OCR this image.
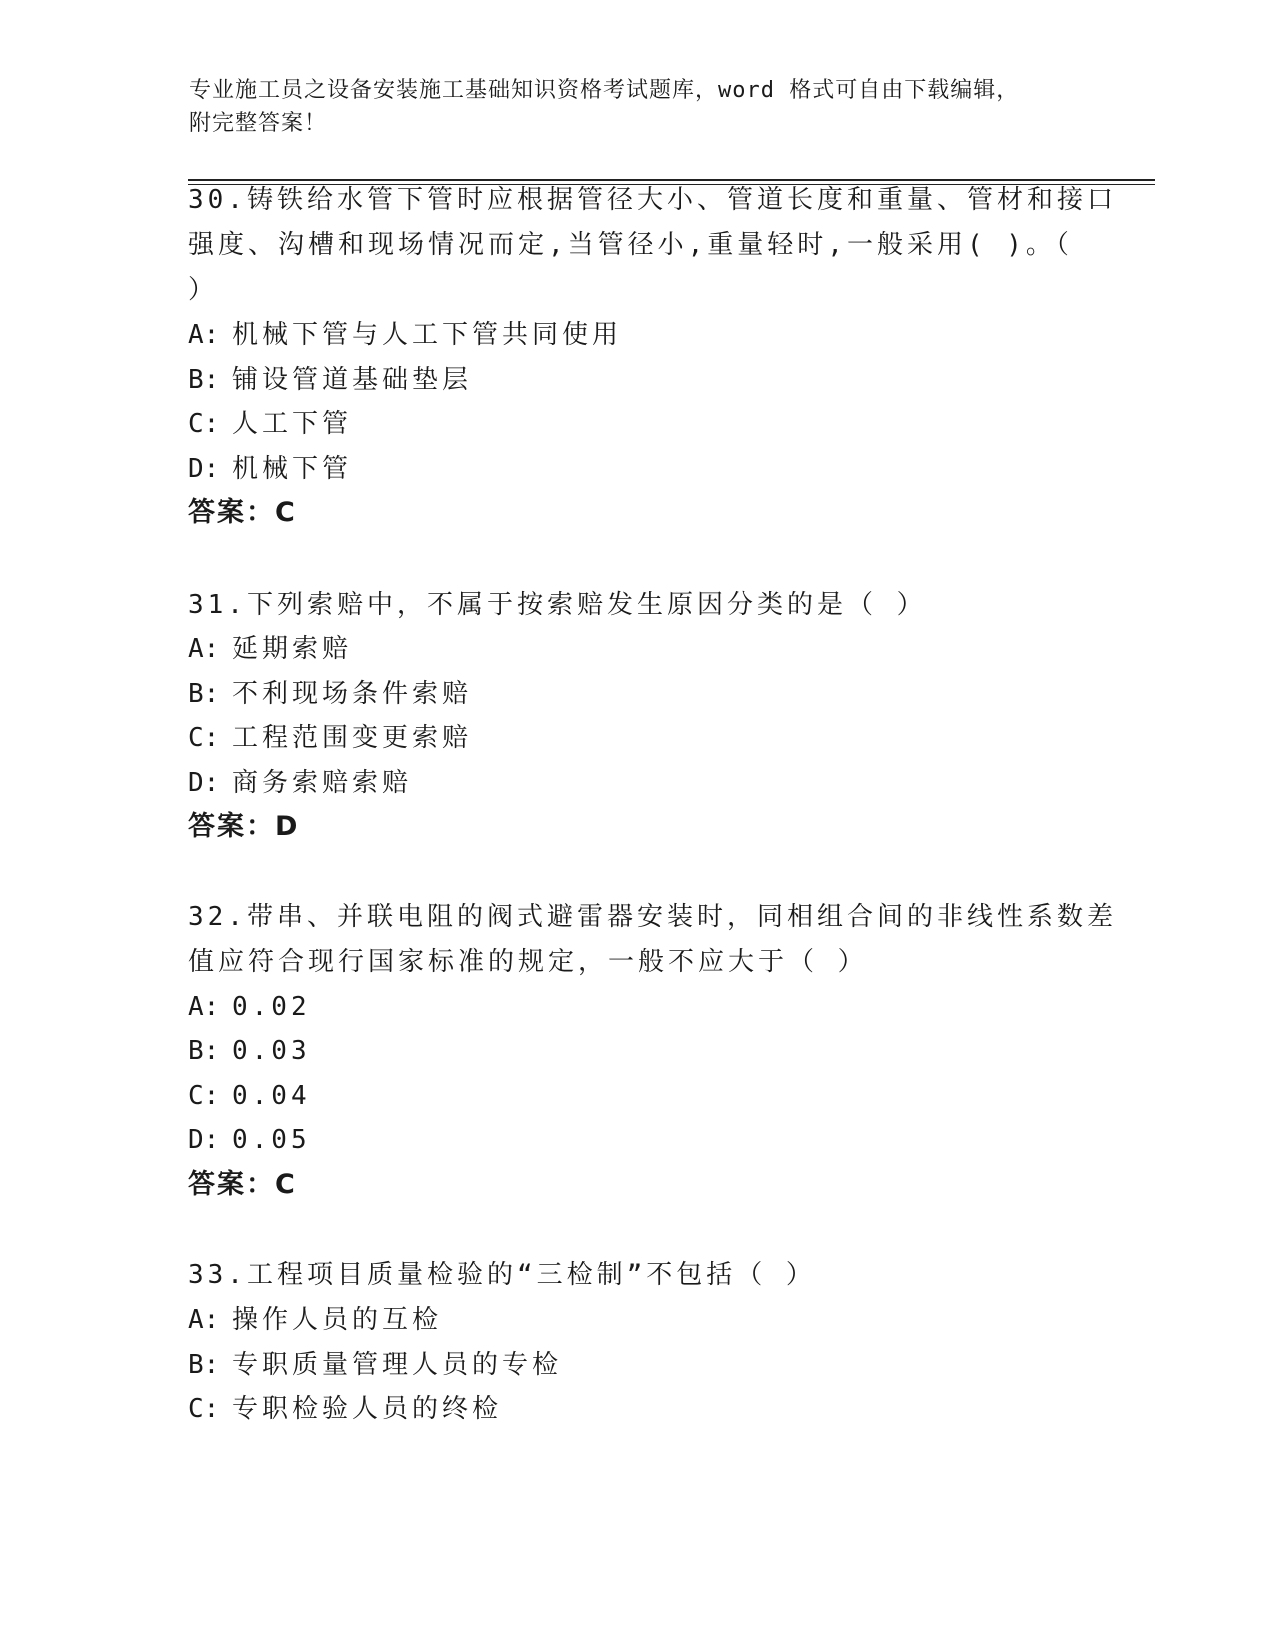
专业施工员之设备安装施工基础知识资格考试题库，word 格式可自由下载编辑，
附完整答案！
30.铸铁给水管下管时应根据管径大小、管道长度和重量、管材和接口
强度、沟槽和现场情况而定,当管径小,重量轻时,一般采用( )。（
）
A: 机械下管与人工下管共同使用
B: 铺设管道基础垫层
C: 人工下管
D: 机械下管
答案：C
31.下列索赔中，不属于按索赔发生原因分类的是（ ）
A: 延期索赔
B: 不利现场条件索赔
C: 工程范围变更索赔
D: 商务索赔索赔
答案：D
32.带串、并联电阻的阀式避雷器安装时，同相组合间的非线性系数差
值应符合现行国家标准的规定，一般不应大于（ ）
A: 0.02
B: 0.03
C: 0.04
D: 0.05
答案：C
33.工程项目质量检验的“三检制”不包括（ ）
A: 操作人员的互检
B: 专职质量管理人员的专检
C: 专职检验人员的终检
